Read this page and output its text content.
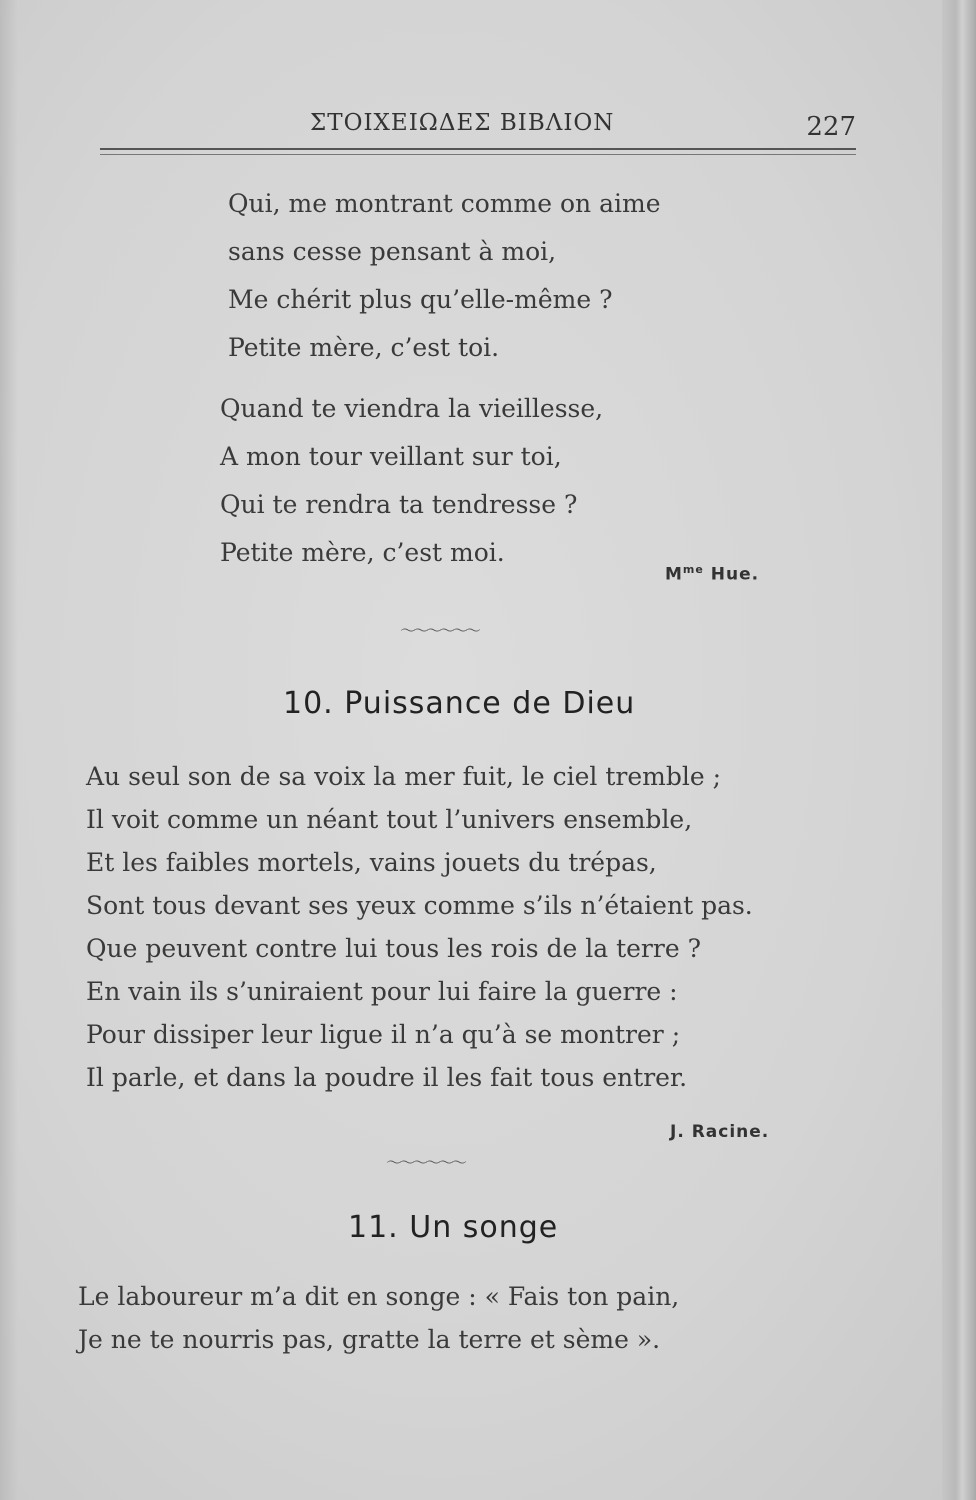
ΣΤΟΙΧΕΙΩΔΕΣ ΒΙΒΛΙΟΝ	227
Qui, me montrant comme on aime
sans cesse pensant à moi,
Me chérit plus qu’elle-même ?
Petite mère, c’est toi.
Quand te viendra la vieillesse,
A mon tour veillant sur toi,
Qui te rendra ta tendresse ?
Petite mère, c’est moi.
$M^{me}$ Hue.
〜〜〜〜〜〜
10. Puissance de Dieu
Au seul son de sa voix la mer fuit, le ciel tremble ;
Il voit comme un néant tout l’univers ensemble,
Et les faibles mortels, vains jouets du trépas,
Sont tous devant ses yeux comme s’ils n’étaient pas.
Que peuvent contre lui tous les rois de la terre ?
En vain ils s’uniraient pour lui faire la guerre :
Pour dissiper leur ligue il n’a qu’à se montrer ;
Il parle, et dans la poudre il les fait tous entrer.
J. Racine.
〜〜〜〜〜〜
11. Un songe
Le laboureur m’a dit en songe : « Fais ton pain,
Je ne te nourris pas, gratte la terre et sème ».
